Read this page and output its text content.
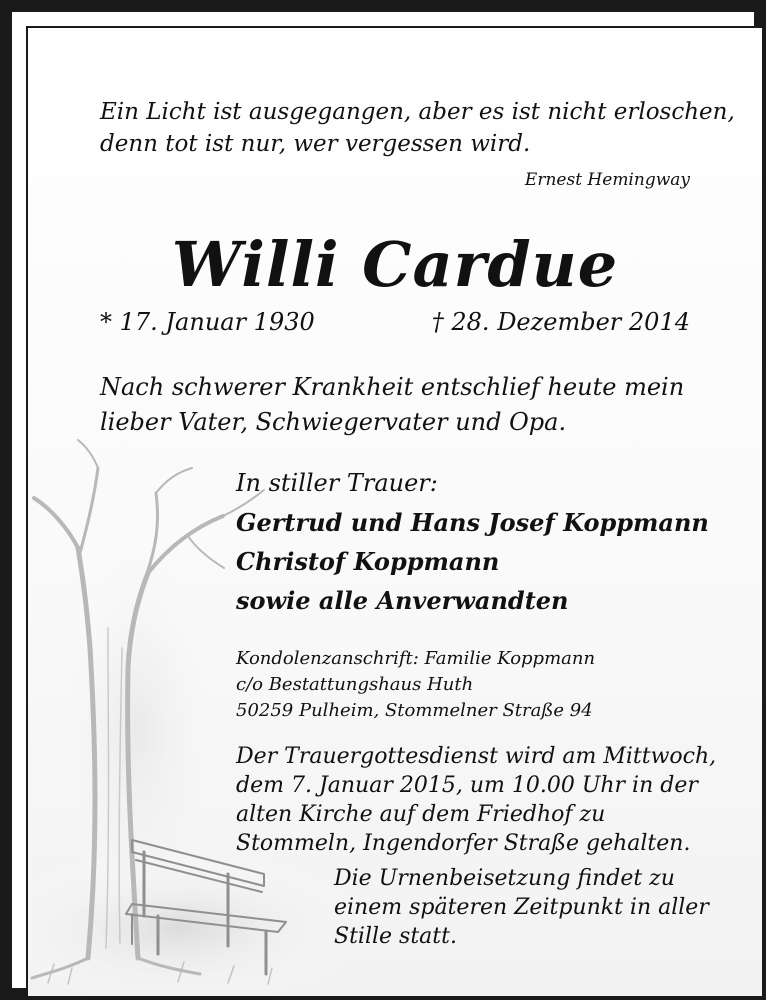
Ein Licht ist ausgegangen, aber es ist nicht erloschen,

denn tot ist nur, wer vergessen wird.

Ernest Hemingway

Willi Cardue

* 17. Januar 1930	† 28. Dezember 2014

Nach schwerer Krankheit entschlief heute mein

lieber Vater, Schwiegervater und Opa.

In stiller Trauer:

Gertrud und Hans Josef Koppmann

Christof Koppmann

sowie alle Anverwandten

Kondolenzanschrift: Familie Koppmann

c/o Bestattungshaus Huth

50259 Pulheim, Stommelner Straße 94

Der Trauergottesdienst wird am Mittwoch,

dem 7. Januar 2015, um 10.00 Uhr in der

alten Kirche auf dem Friedhof zu

Stommeln, Ingendorfer Straße gehalten.

Die Urnenbeisetzung findet zu

einem späteren Zeitpunkt in aller

Stille statt.
